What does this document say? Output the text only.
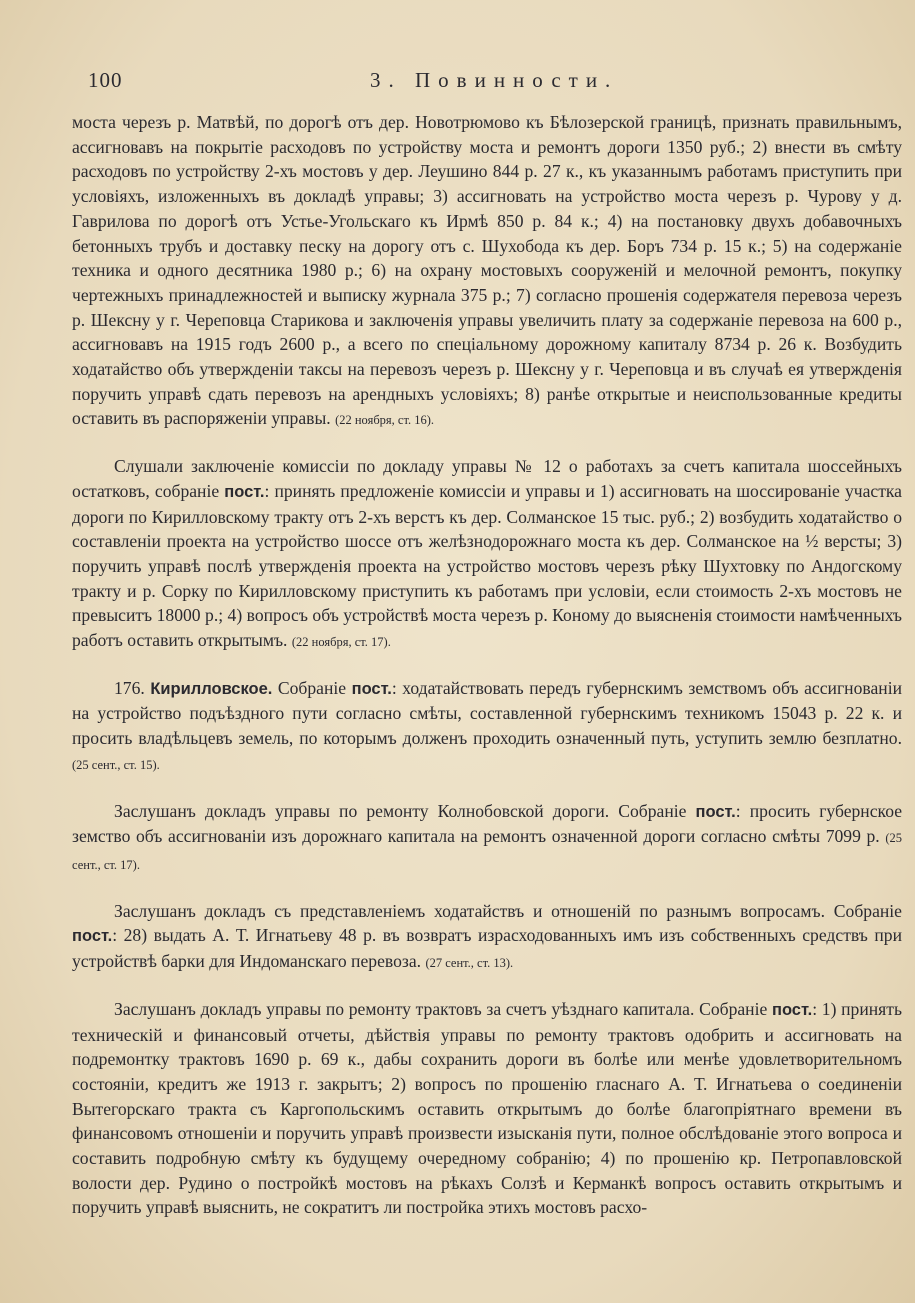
100	3. Повинности.

моста черезъ р. Матвѣй, по дорогѣ отъ дер. Новотрюмово къ Бѣлозерской границѣ, признать правильнымъ, ассигновавъ на покрытіе расходовъ по устройству моста и ремонтъ дороги 1350 руб.; 2) внести въ смѣту расходовъ по устройству 2-хъ мостовъ у дер. Леушино 844 р. 27 к., къ указаннымъ работамъ приступить при условіяхъ, изложенныхъ въ докладѣ управы; 3) ассигновать на устройство моста черезъ р. Чурову у д. Гаврилова по дорогѣ отъ Устье-Угольскаго къ Ирмѣ 850 р. 84 к.; 4) на постановку двухъ добавочныхъ бетонныхъ трубъ и доставку песку на дорогу отъ с. Шухобода къ дер. Боръ 734 р. 15 к.; 5) на содержаніе техника и одного десятника 1980 р.; 6) на охрану мостовыхъ сооруженій и мелочной ремонтъ, покупку чертежныхъ принадлежностей и выписку журнала 375 р.; 7) согласно прошенія содержателя перевоза черезъ р. Шексну у г. Череповца Старикова и заключенія управы увеличить плату за содержаніе перевоза на 600 р., ассигновавъ на 1915 годъ 2600 р., а всего по спеціальному дорожному капиталу 8734 р. 26 к. Возбудить ходатайство объ утвержденіи таксы на перевозъ черезъ р. Шексну у г. Череповца и въ случаѣ ея утвержденія поручить управѣ сдать перевозъ на арендныхъ условіяхъ; 8) ранѣе открытые и неиспользованные кредиты оставить въ распоряженіи управы. (22 ноября, ст. 16).

Слушали заключеніе комиссіи по докладу управы № 12 о работахъ за счетъ капитала шоссейныхъ остатковъ, собраніе пост.: принять предложеніе комиссіи и управы и 1) ассигновать на шоссированіе участка дороги по Кирилловскому тракту отъ 2-хъ верстъ къ дер. Солманское 15 тыс. руб.; 2) возбудить ходатайство о составленіи проекта на устройство шоссе отъ желѣзнодорожнаго моста къ дер. Солманское на ½ версты; 3) поручить управѣ послѣ утвержденія проекта на устройство мостовъ черезъ рѣку Шухтовку по Андогскому тракту и р. Сорку по Кирилловскому приступить къ работамъ при условіи, если стоимость 2-хъ мостовъ не превыситъ 18000 р.; 4) вопросъ объ устройствѣ моста черезъ р. Коному до выясненія стоимости намѣченныхъ работъ оставить открытымъ. (22 ноября, ст. 17).

176. Кирилловское. Собраніе пост.: ходатайствовать передъ губернскимъ земствомъ объ ассигнованіи на устройство подъѣздного пути согласно смѣты, составленной губернскимъ техникомъ 15043 р. 22 к. и просить владѣльцевъ земель, по которымъ долженъ проходить означенный путь, уступить землю безплатно. (25 сент., ст. 15).

Заслушанъ докладъ управы по ремонту Колнобовской дороги. Собраніе пост.: просить губернское земство объ ассигнованіи изъ дорожнаго капитала на ремонтъ означенной дороги согласно смѣты 7099 р. (25 сент., ст. 17).

Заслушанъ докладъ съ представленіемъ ходатайствъ и отношеній по разнымъ вопросамъ. Собраніе пост.: 28) выдать А. Т. Игнатьеву 48 р. въ возвратъ израсходованныхъ имъ изъ собственныхъ средствъ при устройствѣ барки для Индоманскаго перевоза. (27 сент., ст. 13).

Заслушанъ докладъ управы по ремонту трактовъ за счетъ уѣзднаго капитала. Собраніе пост.: 1) принять техническій и финансовый отчеты, дѣйствія управы по ремонту трактовъ одобрить и ассигновать на подремонтку трактовъ 1690 р. 69 к., дабы сохранить дороги въ болѣе или менѣе удовлетворительномъ состояніи, кредитъ же 1913 г. закрытъ; 2) вопросъ по прошенію гласнаго А. Т. Игнатьева о соединеніи Вытегорскаго тракта съ Каргопольскимъ оставить открытымъ до болѣе благопріятнаго времени въ финансовомъ отношеніи и поручить управѣ произвести изысканія пути, полное обслѣдованіе этого вопроса и составить подробную смѣту къ будущему очередному собранію; 4) по прошенію кр. Петропавловской волости дер. Рудино о постройкѣ мостовъ на рѣкахъ Солзѣ и Керманкѣ вопросъ оставить открытымъ и поручить управѣ выяснить, не сократитъ ли постройка этихъ мостовъ расхо-
